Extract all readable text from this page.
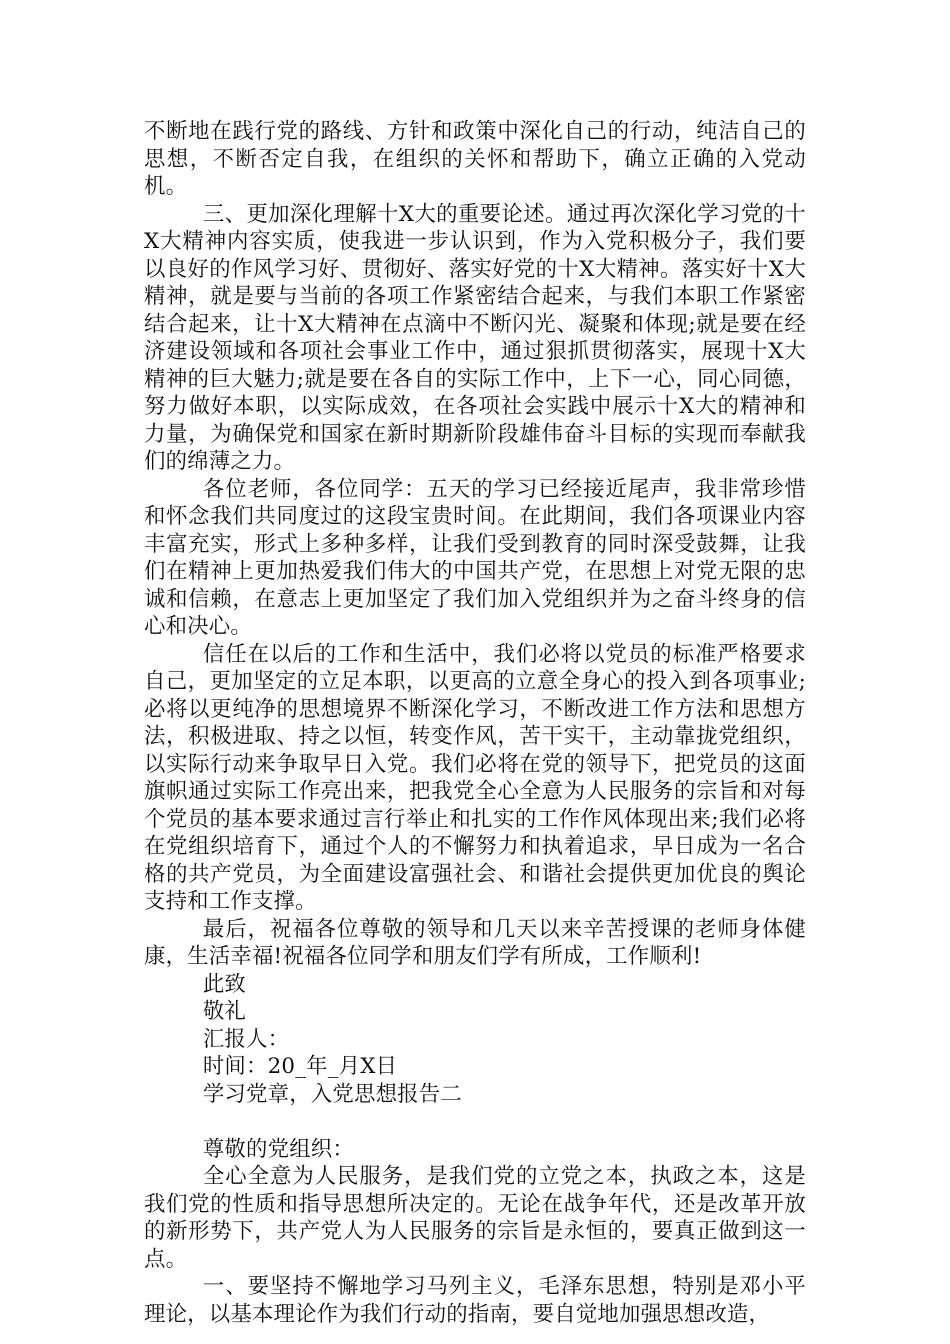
不断地在践行党的路线、方针和政策中深化自己的行动，纯洁自己的思想，不断否定自我，在组织的关怀和帮助下，确立正确的入党动机。

三、更加深化理解十X大的重要论述。通过再次深化学习党的十X大精神内容实质，使我进一步认识到，作为入党积极分子，我们要以良好的作风学习好、贯彻好、落实好党的十X大精神。落实好十X大精神，就是要与当前的各项工作紧密结合起来，与我们本职工作紧密结合起来，让十X大精神在点滴中不断闪光、凝聚和体现;就是要在经济建设领域和各项社会事业工作中，通过狠抓贯彻落实，展现十X大精神的巨大魅力;就是要在各自的实际工作中，上下一心，同心同德，努力做好本职，以实际成效，在各项社会实践中展示十X大的精神和力量，为确保党和国家在新时期新阶段雄伟奋斗目标的实现而奉献我们的绵薄之力。

各位老师，各位同学：五天的学习已经接近尾声，我非常珍惜和怀念我们共同度过的这段宝贵时间。在此期间，我们各项课业内容丰富充实，形式上多种多样，让我们受到教育的同时深受鼓舞，让我们在精神上更加热爱我们伟大的中国共产党，在思想上对党无限的忠诚和信赖，在意志上更加坚定了我们加入党组织并为之奋斗终身的信心和决心。

信任在以后的工作和生活中，我们必将以党员的标准严格要求自己，更加坚定的立足本职，以更高的立意全身心的投入到各项事业;必将以更纯净的思想境界不断深化学习，不断改进工作方法和思想方法，积极进取、持之以恒，转变作风，苦干实干，主动靠拢党组织，以实际行动来争取早日入党。我们必将在党的领导下，把党员的这面旗帜通过实际工作亮出来，把我党全心全意为人民服务的宗旨和对每个党员的基本要求通过言行举止和扎实的工作作风体现出来;我们必将在党组织培育下，通过个人的不懈努力和执着追求，早日成为一名合格的共产党员，为全面建设富强社会、和谐社会提供更加优良的舆论支持和工作支撑。

最后，祝福各位尊敬的领导和几天以来辛苦授课的老师身体健康，生活幸福!祝福各位同学和朋友们学有所成，工作顺利!

此致

敬礼

汇报人：

时间：20_年_月X日

学习党章，入党思想报告二

尊敬的党组织：

全心全意为人民服务，是我们党的立党之本，执政之本，这是我们党的性质和指导思想所决定的。无论在战争年代，还是改革开放的新形势下，共产党人为人民服务的宗旨是永恒的，要真正做到这一点。

一、要坚持不懈地学习马列主义，毛泽东思想，特别是邓小平理论，以基本理论作为我们行动的指南，要自觉地加强思想改造，
